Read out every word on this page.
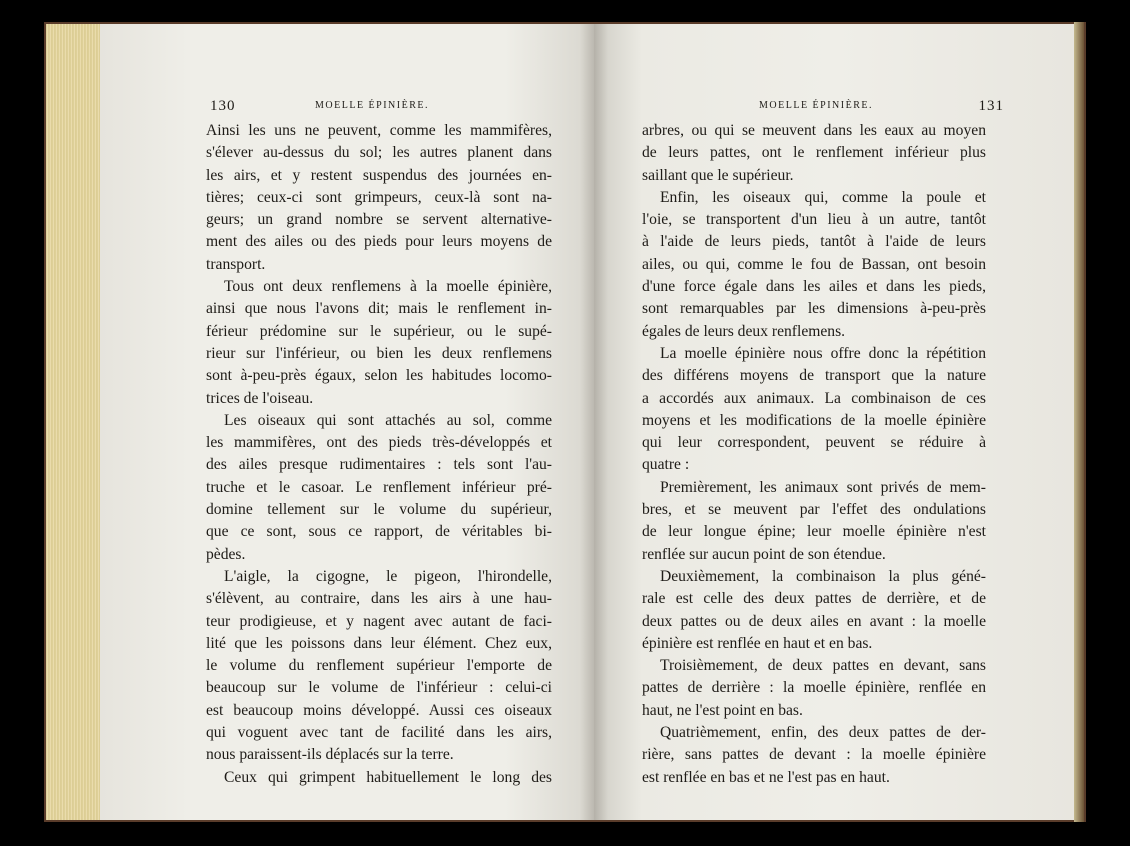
130	MOELLE ÉPINIÈRE.
Ainsi les uns ne peuvent, comme les mammifères,
s'élever au-dessus du sol; les autres planent dans
les airs, et y restent suspendus des journées en-
tières; ceux-ci sont grimpeurs, ceux-là sont na-
geurs; un grand nombre se servent alternative-
ment des ailes ou des pieds pour leurs moyens de
transport.
Tous ont deux renflemens à la moelle épinière,
ainsi que nous l'avons dit; mais le renflement in-
férieur prédomine sur le supérieur, ou le supé-
rieur sur l'inférieur, ou bien les deux renflemens
sont à-peu-près égaux, selon les habitudes locomo-
trices de l'oiseau.
Les oiseaux qui sont attachés au sol, comme
les mammifères, ont des pieds très-développés et
des ailes presque rudimentaires : tels sont l'au-
truche et le casoar. Le renflement inférieur pré-
domine tellement sur le volume du supérieur,
que ce sont, sous ce rapport, de véritables bi-
pèdes.
L'aigle, la cigogne, le pigeon, l'hirondelle,
s'élèvent, au contraire, dans les airs à une hau-
teur prodigieuse, et y nagent avec autant de faci-
lité que les poissons dans leur élément. Chez eux,
le volume du renflement supérieur l'emporte de
beaucoup sur le volume de l'inférieur : celui-ci
est beaucoup moins développé. Aussi ces oiseaux
qui voguent avec tant de facilité dans les airs,
nous paraissent-ils déplacés sur la terre.
Ceux qui grimpent habituellement le long des
MOELLE ÉPINIÈRE.	131
arbres, ou qui se meuvent dans les eaux au moyen
de leurs pattes, ont le renflement inférieur plus
saillant que le supérieur.
Enfin, les oiseaux qui, comme la poule et
l'oie, se transportent d'un lieu à un autre, tantôt
à l'aide de leurs pieds, tantôt à l'aide de leurs
ailes, ou qui, comme le fou de Bassan, ont besoin
d'une force égale dans les ailes et dans les pieds,
sont remarquables par les dimensions à-peu-près
égales de leurs deux renflemens.
La moelle épinière nous offre donc la répétition
des différens moyens de transport que la nature
a accordés aux animaux. La combinaison de ces
moyens et les modifications de la moelle épinière
qui leur correspondent, peuvent se réduire à
quatre :
Premièrement, les animaux sont privés de mem-
bres, et se meuvent par l'effet des ondulations
de leur longue épine; leur moelle épinière n'est
renflée sur aucun point de son étendue.
Deuxièmement, la combinaison la plus géné-
rale est celle des deux pattes de derrière, et de
deux pattes ou de deux ailes en avant : la moelle
épinière est renflée en haut et en bas.
Troisièmement, de deux pattes en devant, sans
pattes de derrière : la moelle épinière, renflée en
haut, ne l'est point en bas.
Quatrièmement, enfin, des deux pattes de der-
rière, sans pattes de devant : la moelle épinière
est renflée en bas et ne l'est pas en haut.
